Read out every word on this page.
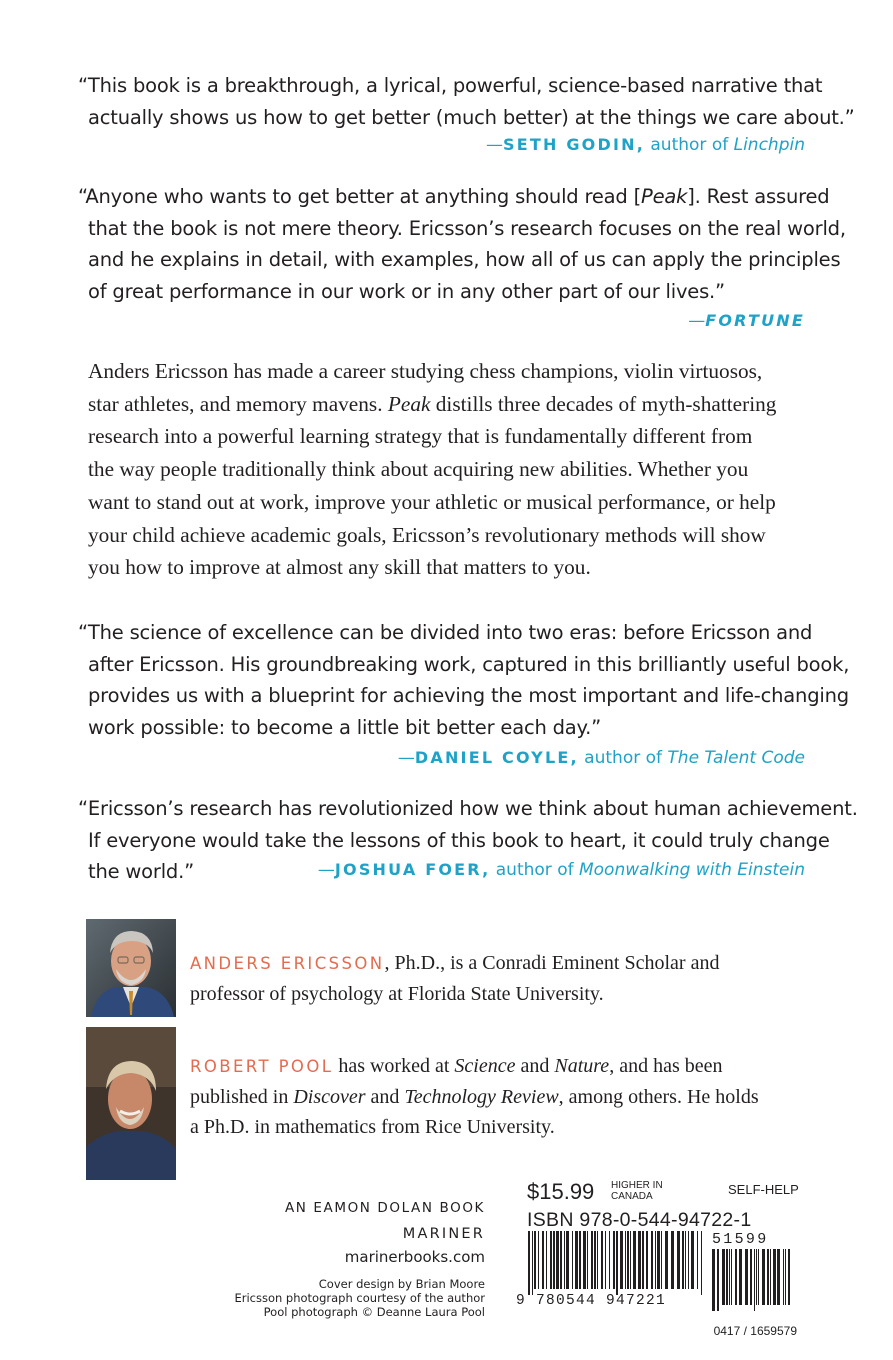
“This book is a breakthrough, a lyrical, powerful, science-based narrative that
actually shows us how to get better (much better) at the things we care about.”
—SETH GODIN, author of Linchpin
“Anyone who wants to get better at anything should read [Peak]. Rest assured
that the book is not mere theory. Ericsson’s research focuses on the real world,
and he explains in detail, with examples, how all of us can apply the principles
of great performance in our work or in any other part of our lives.”
—FORTUNE
Anders Ericsson has made a career studying chess champions, violin virtuosos,
star athletes, and memory mavens. Peak distills three decades of myth-shattering
research into a powerful learning strategy that is fundamentally different from
the way people traditionally think about acquiring new abilities. Whether you
want to stand out at work, improve your athletic or musical performance, or help
your child achieve academic goals, Ericsson’s revolutionary methods will show
you how to improve at almost any skill that matters to you.
“The science of excellence can be divided into two eras: before Ericsson and
after Ericsson. His groundbreaking work, captured in this brilliantly useful book,
provides us with a blueprint for achieving the most important and life-changing
work possible: to become a little bit better each day.”
—DANIEL COYLE, author of The Talent Code
“Ericsson’s research has revolutionized how we think about human achievement.
If everyone would take the lessons of this book to heart, it could truly change
the world.”	—JOSHUA FOER, author of Moonwalking with Einstein
ANDERS ERICSSON, Ph.D., is a Conradi Eminent Scholar and
professor of psychology at Florida State University.
ROBERT POOL has worked at Science and Nature, and has been
published in Discover and Technology Review, among others. He holds
a Ph.D. in mathematics from Rice University.
AN EAMON DOLAN BOOK
MARINER
marinerbooks.com
Cover design by Brian Moore
Ericsson photograph courtesy of the author
Pool photograph © Deanne Laura Pool
$15.99 HIGHER IN
CANADA	SELF-HELP
ISBN 978-0-544-94722-1
9 780544 947221
51599
0417 / 1659579
